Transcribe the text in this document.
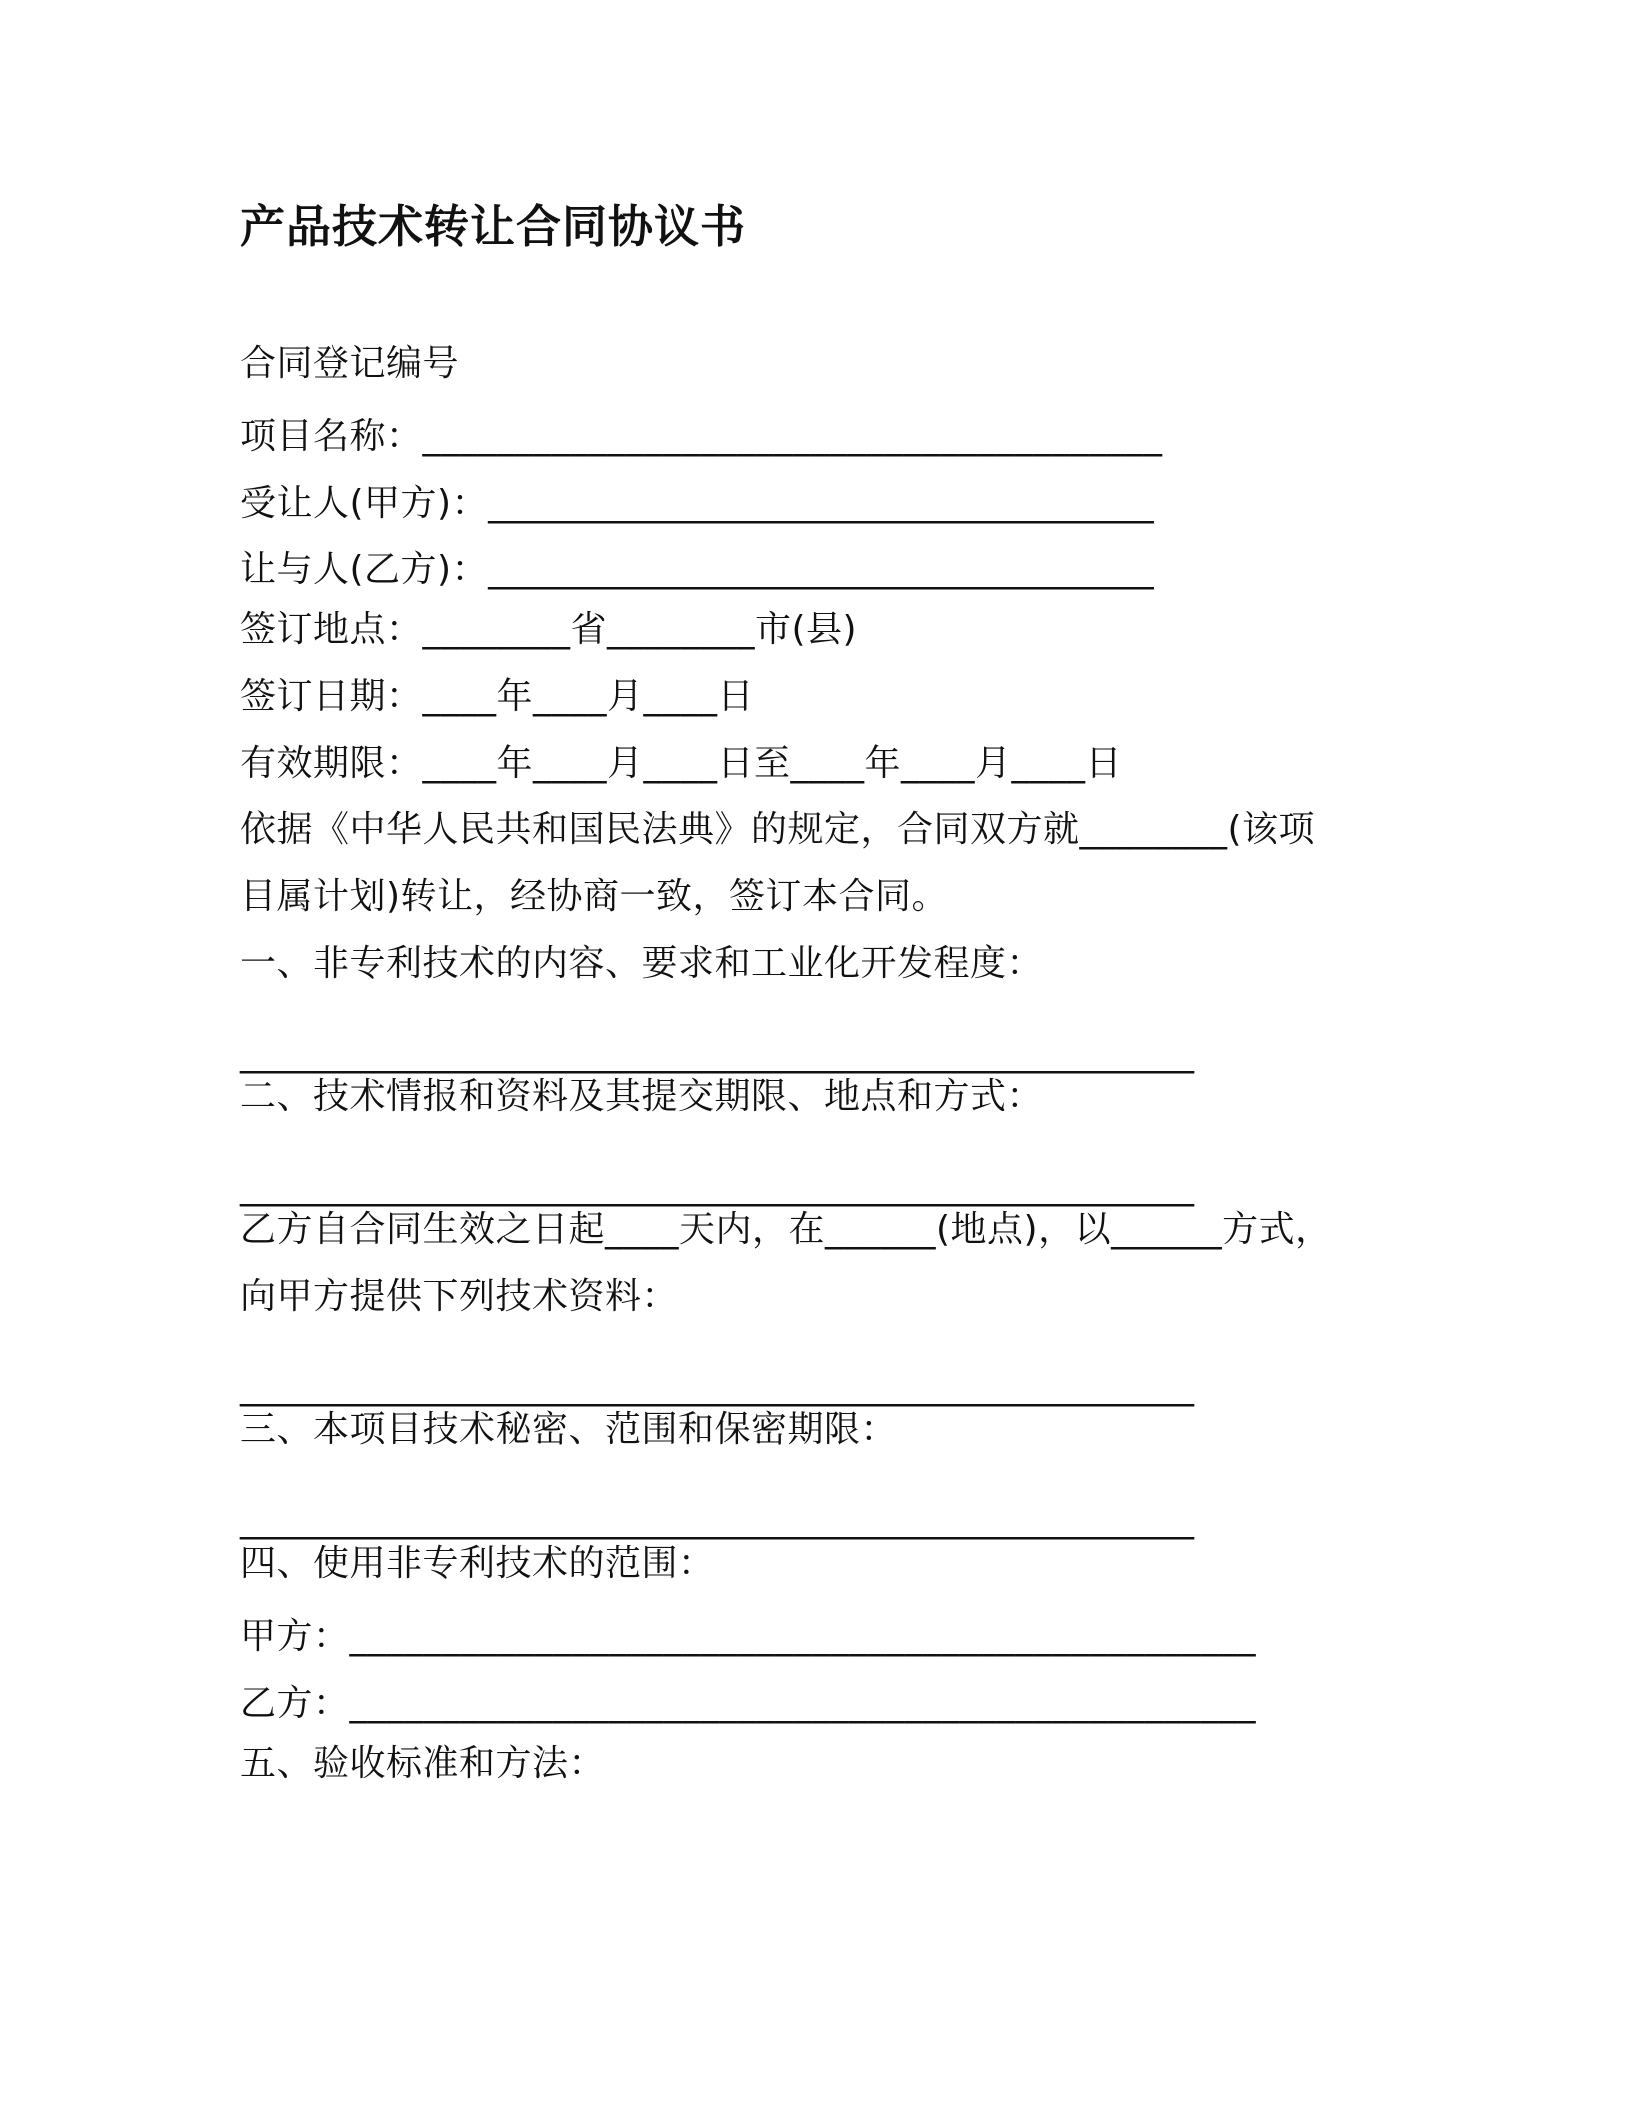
产品技术转让合同协议书
合同登记编号
项目名称：________________________________________
受让人(甲方)：____________________________________
让与人(乙方)：____________________________________
签订地点：________省________市(县)
签订日期：____年____月____日
有效期限：____年____月____日至____年____月____日
依据《中华人民共和国民法典》的规定，合同双方就________(该项
目属计划)转让，经协商一致，签订本合同。
一、非专利技术的内容、要求和工业化开发程度：
_____________________________________________________
二、技术情报和资料及其提交期限、地点和方式：
_____________________________________________________
乙方自合同生效之日起____天内，在______(地点)，以______方式，
向甲方提供下列技术资料：
_____________________________________________________
三、本项目技术秘密、范围和保密期限：
_____________________________________________________
四、使用非专利技术的范围：
甲方：_________________________________________________
乙方：_________________________________________________
五、验收标准和方法：
